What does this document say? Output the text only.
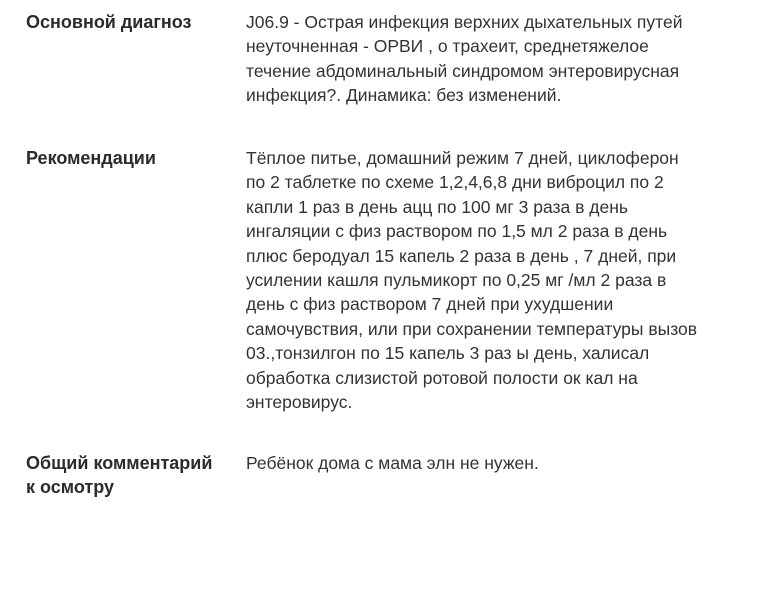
Основной диагноз	J06.9 - Острая инфекция верхних дыхательных путей
неуточненная - ОРВИ , о трахеит, среднетяжелое
течение абдоминальный синдромом энтеровирусная
инфекция?. Динамика: без изменений.
Рекомендации	Тёплое питье, домашний режим 7 дней, циклоферон
по 2 таблетке по схеме 1,2,4,6,8 дни виброцил по 2
капли 1 раз в день ацц по 100 мг 3 раза в день
ингаляции с физ раствором по 1,5 мл 2 раза в день
плюс беродуал 15 капель 2 раза в день , 7 дней, при
усилении кашля пульмикорт по 0,25 мг /мл 2 раза в
день с физ раствором 7 дней при ухудшении
самочувствия, или при сохранении температуры вызов
03.,тонзилгон по 15 капель 3 раз ы день, халисал
обработка слизистой ротовой полости ок кал на
энтеровирус.
Общий комментарий
к осмотру
Ребёнок дома с мама элн не нужен.
